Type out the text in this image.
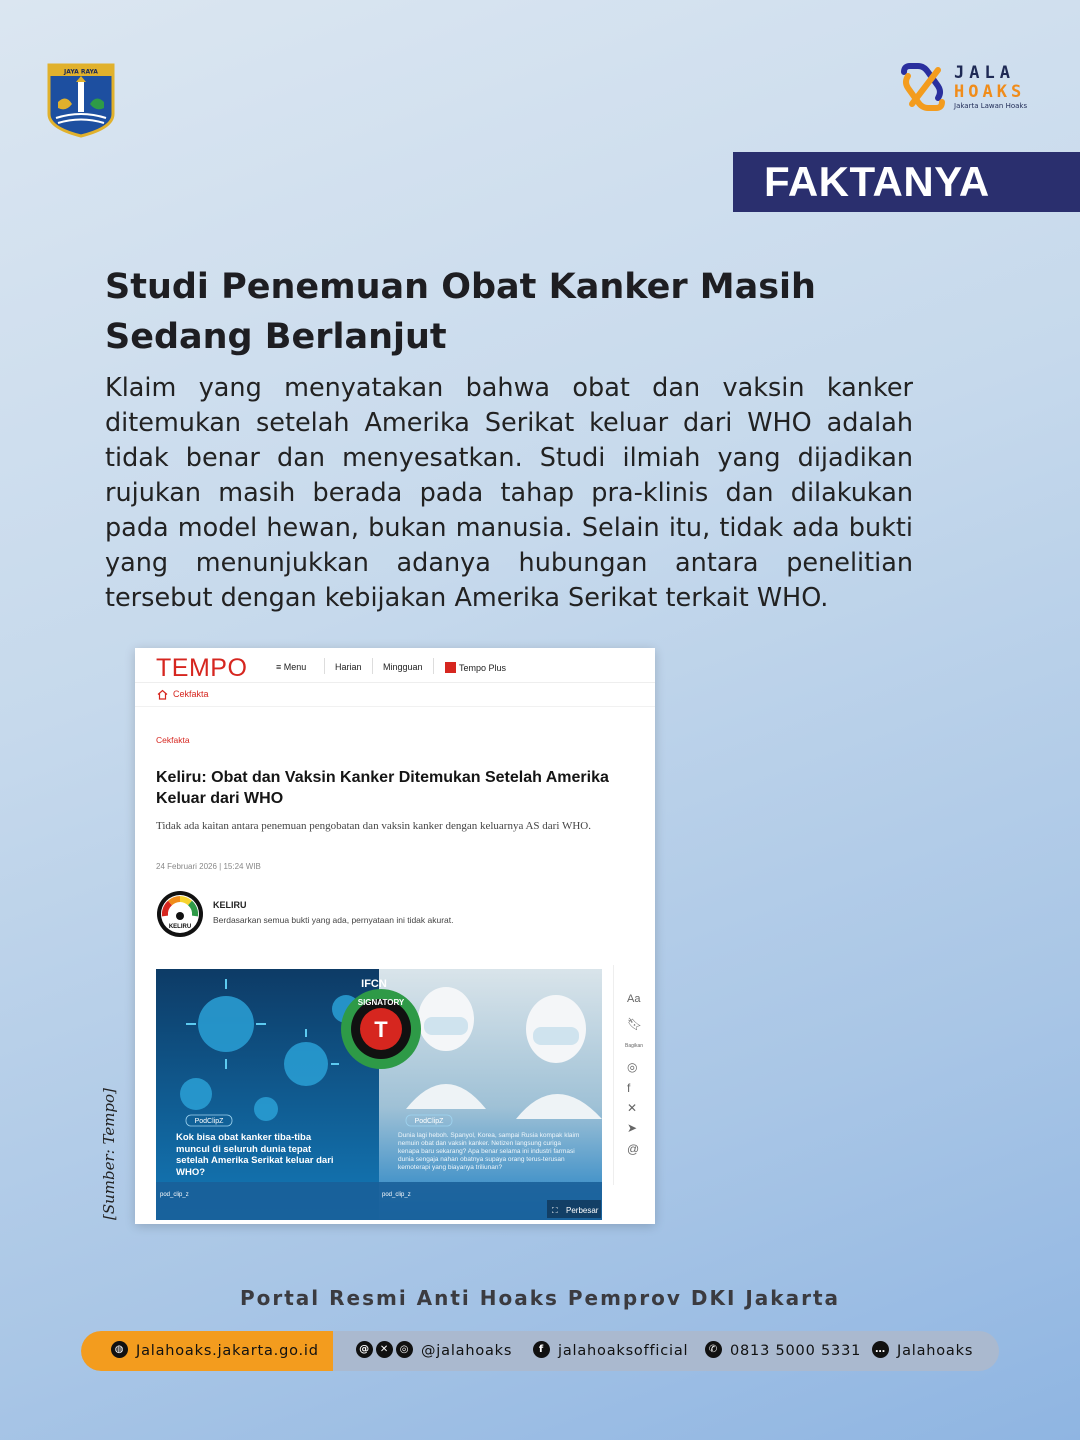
JAYA RAYA	JALA
HOAKS
Jakarta Lawan Hoaks
FAKTANYA
Studi Penemuan Obat Kanker Masih Sedang Berlanjut

Klaim yang menyatakan bahwa obat dan vaksin kanker ditemukan setelah Amerika Serikat keluar dari WHO adalah tidak benar dan menyesatkan. Studi ilmiah yang dijadikan rujukan masih berada pada tahap pra-klinis dan dilakukan pada model hewan, bukan manusia. Selain itu, tidak ada bukti yang menunjukkan adanya hubungan antara penelitian tersebut dengan kebijakan Amerika Serikat terkait WHO.

TEMPO	≡ Menu	Harian Mingguan	Tempo Plus
Cekfakta
Cekfakta
Keliru: Obat dan Vaksin Kanker Ditemukan Setelah Amerika Keluar dari WHO

Tidak ada kaitan antara penemuan pengobatan dan vaksin kanker dengan keluarnya AS dari WHO.

24 Februari 2026 | 15:24 WIB
KELIRU
KELIRU
Berdasarkan semua bukti yang ada, pernyataan ini tidak akurat.
T
IFCN
SIGNATORY
PodClipZ	PodClipZ
Kok bisa obat kanker tiba-tiba muncul di seluruh dunia tepat setelah Amerika Serikat keluar dari WHO?
Dunia lagi heboh. Spanyol, Korea, sampai Rusia kompak klaim nemuin obat dan vaksin kanker. Netizen langsung curiga kenapa baru sekarang? Apa benar selama ini industri farmasi dunia sengaja nahan obatnya supaya orang terus-terusan kemoterapi yang biayanya triliunan?
pod_clip_z	pod_clip_z
Perbesar
⛶
Aa
🔖︎
Bagikan
◎
f
✕
➤
@
[Sumber: Tempo]
Portal Resmi Anti Hoaks Pemprov DKI Jakarta
◍ Jalahoaks.jakarta.go.id	@	✕	◎ @jalahoaks	f jalahoaksofficial	✆ 0813 5000 5331	… Jalahoaks
